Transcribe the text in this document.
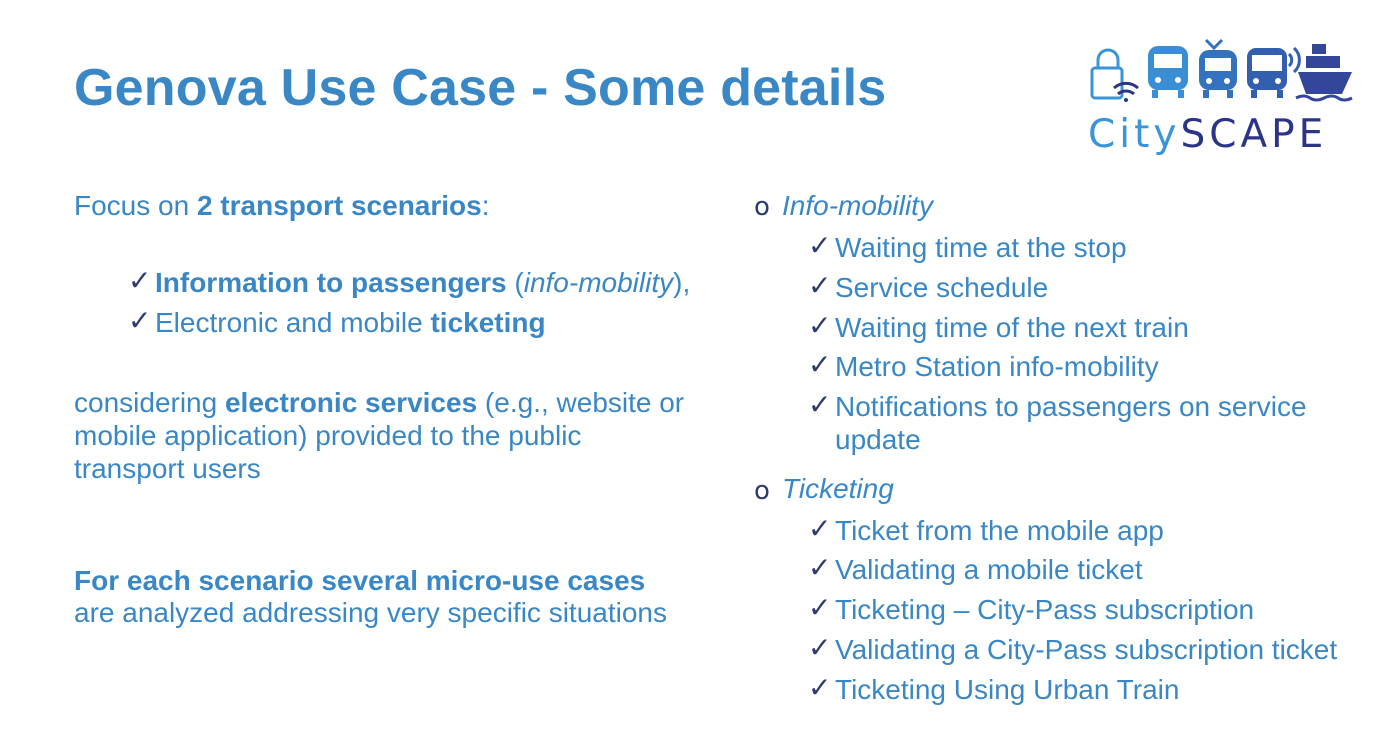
Genova Use Case - Some details
CitySCAPE
Focus on 2 transport scenarios:
✓ Information to passengers (info-mobility),
✓ Electronic and mobile ticketing
considering electronic services (e.g., website or
mobile application) provided to the public
transport users
For each scenario several micro-use cases
are analyzed addressing very specific situations
o Info-mobility
✓ Waiting time at the stop
✓ Service schedule
✓ Waiting time of the next train
✓ Metro Station info-mobility
✓ Notifications to passengers on service
update
o Ticketing
✓ Ticket from the mobile app
✓ Validating a mobile ticket
✓ Ticketing – City-Pass subscription
✓ Validating a City-Pass subscription ticket
✓ Ticketing Using Urban Train
